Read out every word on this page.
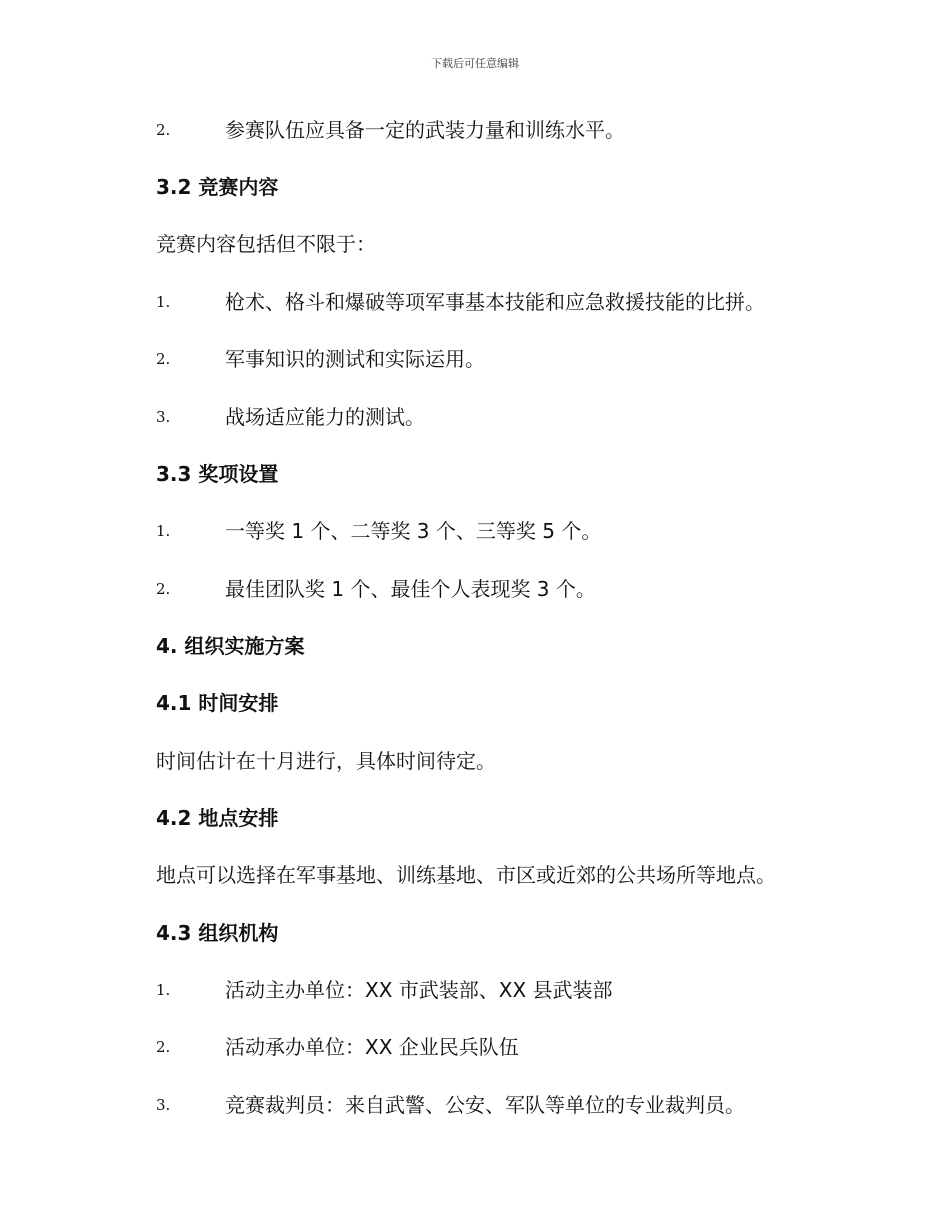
下载后可任意编辑
2.	参赛队伍应具备一定的武装力量和训练水平。
3.2 竞赛内容
竞赛内容包括但不限于：
1.	枪术、格斗和爆破等项军事基本技能和应急救援技能的比拼。
2.	军事知识的测试和实际运用。
3.	战场适应能力的测试。
3.3 奖项设置
1.	一等奖 1 个、二等奖 3 个、三等奖 5 个。
2.	最佳团队奖 1 个、最佳个人表现奖 3 个。
4. 组织实施方案
4.1 时间安排
时间估计在十月进行，具体时间待定。
4.2 地点安排
地点可以选择在军事基地、训练基地、市区或近郊的公共场所等地点。
4.3 组织机构
1.	活动主办单位：XX 市武装部、XX 县武装部
2.	活动承办单位：XX 企业民兵队伍
3.	竞赛裁判员：来自武警、公安、军队等单位的专业裁判员。
